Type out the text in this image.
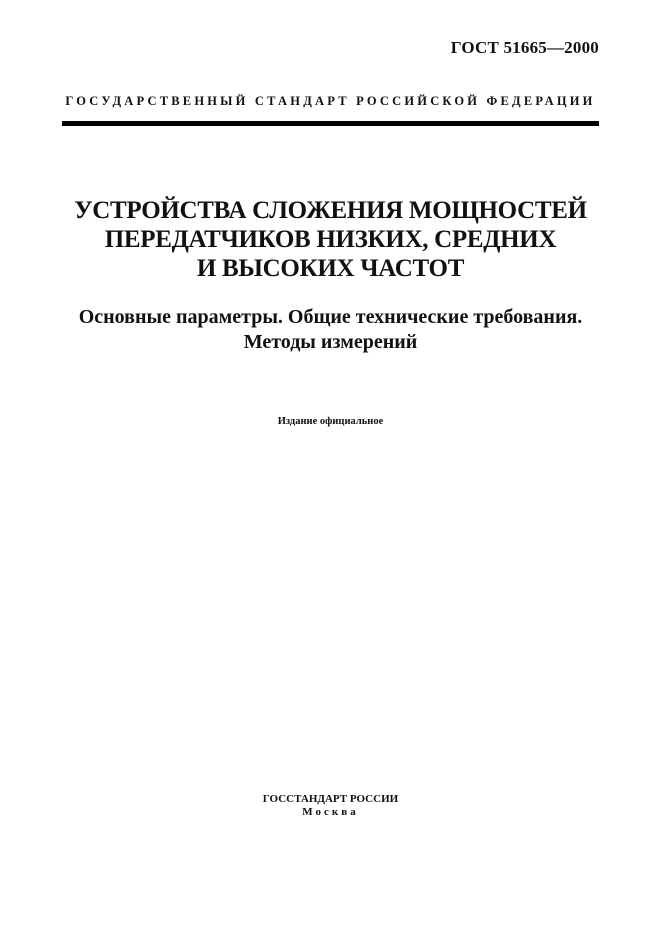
ГОСТ 51665—2000
ГОСУДАРСТВЕННЫЙ СТАНДАРТ РОССИЙСКОЙ ФЕДЕРАЦИИ
УСТРОЙСТВА СЛОЖЕНИЯ МОЩНОСТЕЙ
ПЕРЕДАТЧИКОВ НИЗКИХ, СРЕДНИХ
И ВЫСОКИХ ЧАСТОТ
Основные параметры. Общие технические требования.
Методы измерений
Издание официальное
ГОССТАНДАРТ РОССИИ
Москва
